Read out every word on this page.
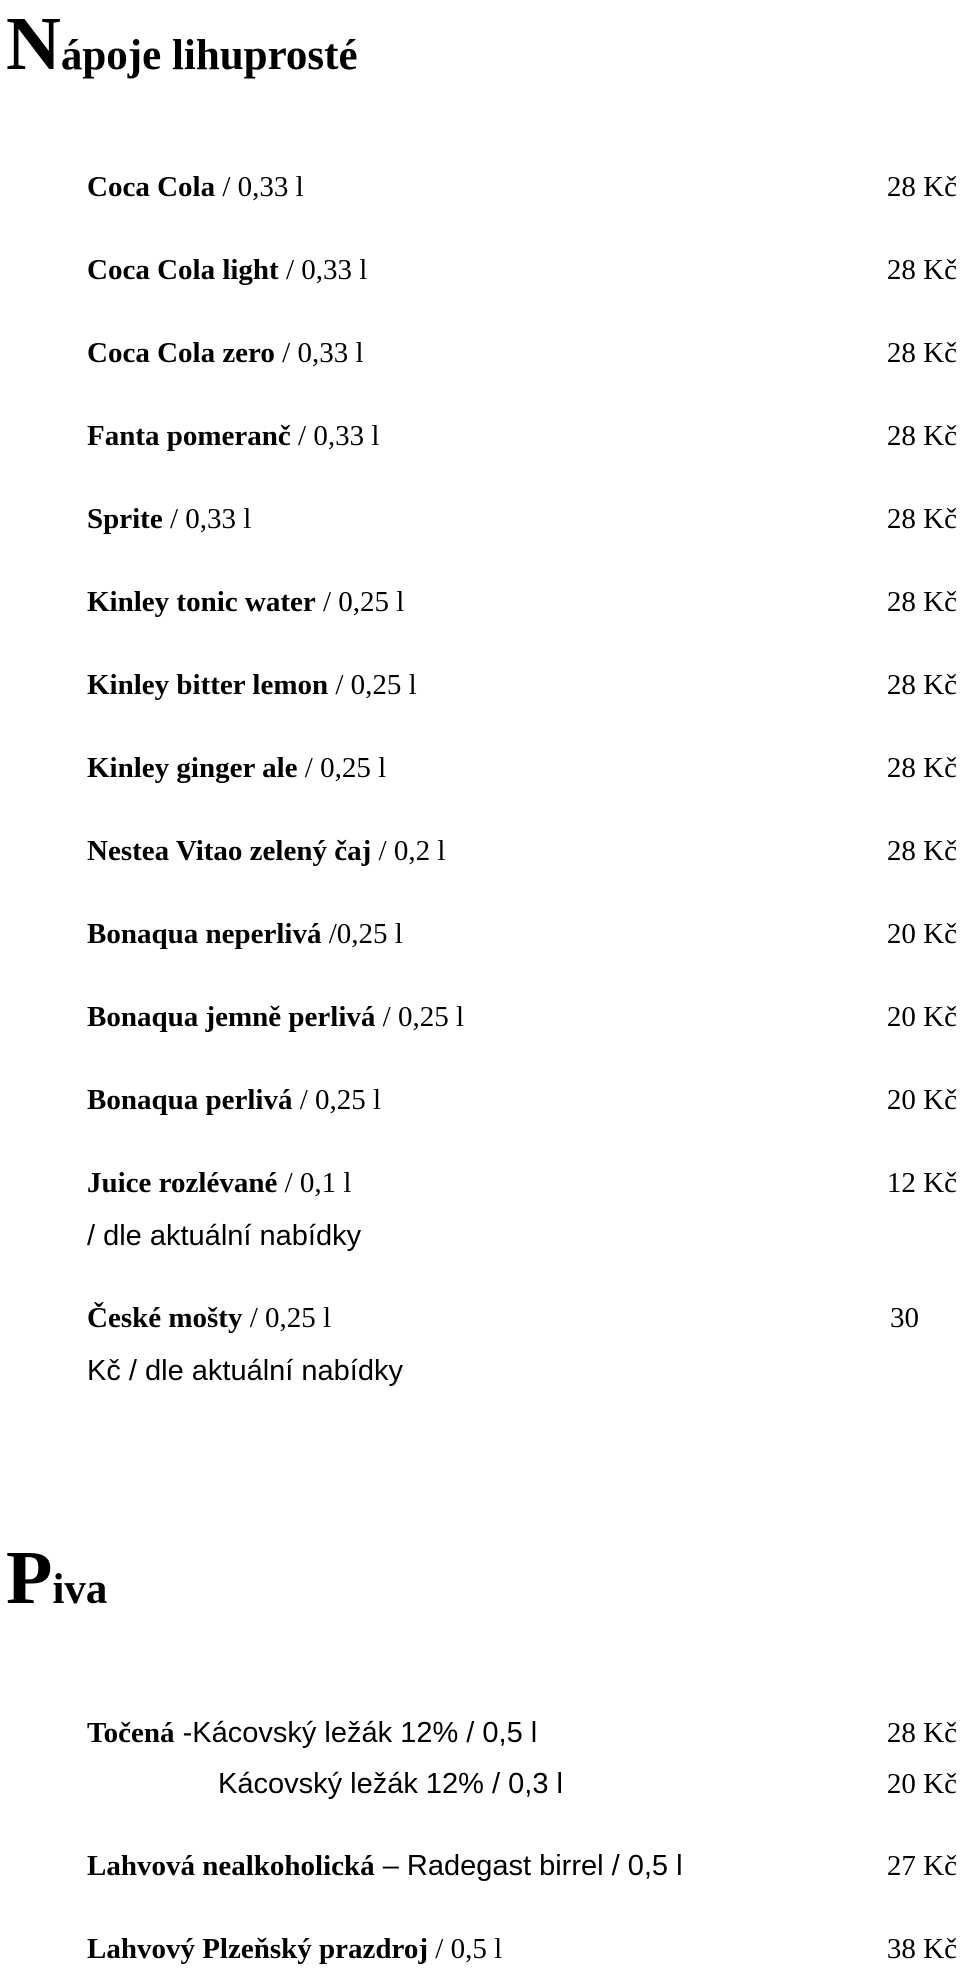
Nápoje lihuprosté
Coca Cola / 0,33 l	28 Kč
Coca Cola light / 0,33 l	28 Kč
Coca Cola zero / 0,33 l	28 Kč
Fanta pomeranč / 0,33 l	28 Kč
Sprite / 0,33 l	28 Kč
Kinley tonic water / 0,25 l	28 Kč
Kinley bitter lemon / 0,25 l	28 Kč
Kinley ginger ale / 0,25 l	28 Kč
Nestea Vitao zelený čaj / 0,2 l	28 Kč
Bonaqua neperlivá /0,25 l	20 Kč
Bonaqua jemně perlivá / 0,25 l	20 Kč
Bonaqua perlivá / 0,25 l	20 Kč
Juice rozlévané / 0,1 l	12 Kč
/ dle aktuální nabídky
České mošty / 0,25 l	30
Kč / dle aktuální nabídky
Piva
Točená -Kácovský ležák 12% / 0,5 l	28 Kč
Kácovský ležák 12% / 0,3 l	20 Kč
Lahvová nealkoholická – Radegast birrel / 0,5 l	27 Kč
Lahvový Plzeňský prazdroj / 0,5 l	38 Kč
